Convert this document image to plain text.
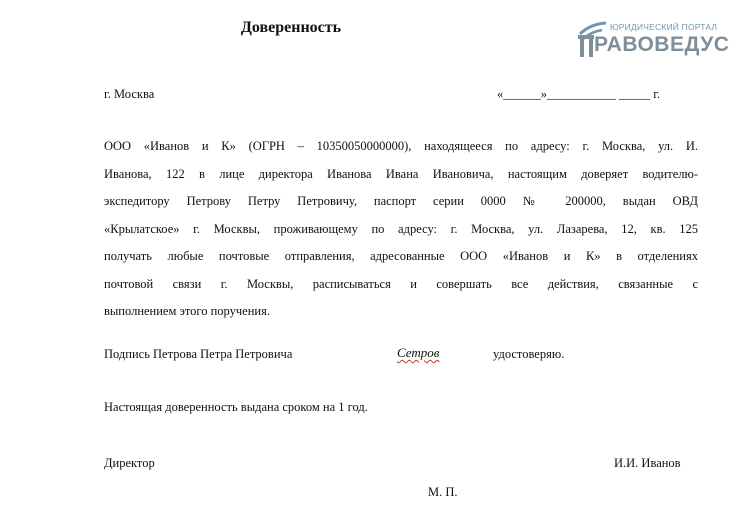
Доверенность	ЮРИДИЧЕСКИЙ ПОРТАЛ
РАВОВЕДУС
г. Москва	«______»___________ _____ г.
ООО «Иванов и К» (ОГРН – 10350050000000), находящееся по адресу: г. Москва, ул. И.
Иванова, 122 в лице директора Иванова Ивана Ивановича, настоящим доверяет водителю-
экспедитору Петрову Петру Петровичу, паспорт серии 0000 № 200000, выдан ОВД
«Крылатское» г. Москвы, проживающему по адресу: г. Москва, ул. Лазарева, 12, кв. 125
получать любые почтовые отправления, адресованные ООО «Иванов и К» в отделениях
почтовой связи г. Москвы, расписываться и совершать все действия, связанные с
выполнением этого поручения.
Подпись Петрова Петра Петровича	Сетров	удостоверяю.
Настоящая доверенность выдана сроком на 1 год.
Директор	И.И. Иванов
М. П.
